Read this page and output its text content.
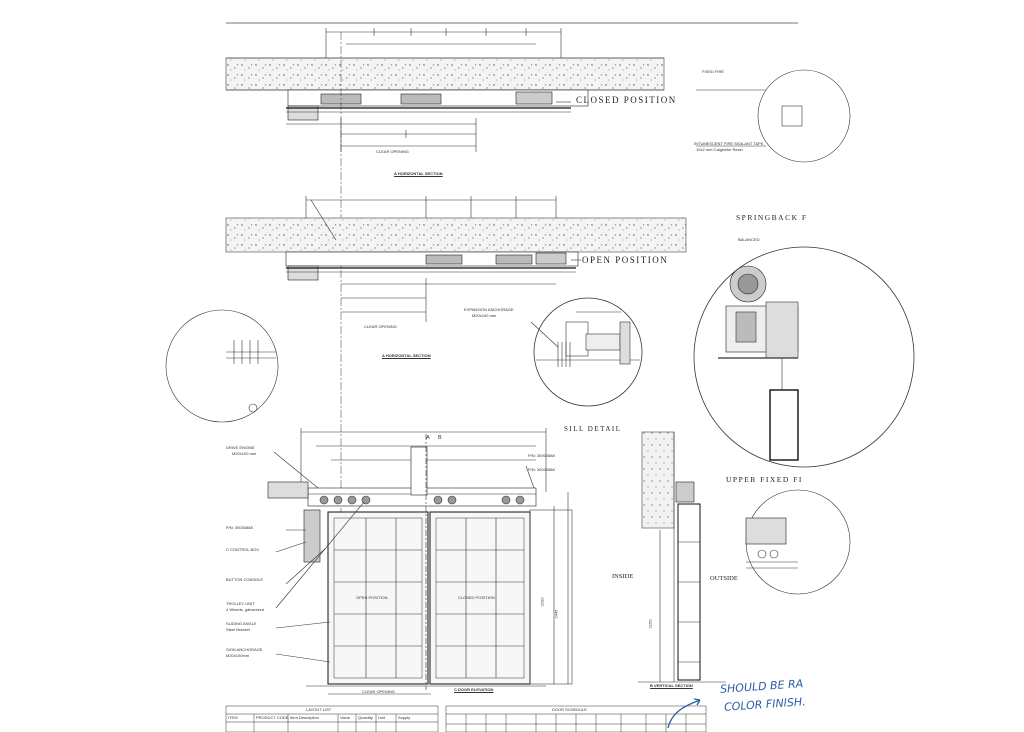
CLOSED POSITION
CLEAR OPENING
A HORIZONTAL SECTION
OPEN POSITION
CLEAR OPENING
A HORIZONTAL SECTION
EXPANSION ANCHORAGE
M20x100 mm
SILL DETAIL
FIXED FIRE
INTUMESCENT FIRE SEALANT TAPE
10x2 mm Calgenike Resin
SPRINGBACK F
BALANCED
UPPER FIXED FI
DRIVE ENGINE
M20x100 mm
P/N: 30000888
C CONTROL BOX
BUTTON CONSOLE
TROLLEY UNIT
4 Wheels, galvanized
SLIDING ANGLE
Steel Bracket
SION ANCHORAGE
M20x100mm
P/N: 30000888
P/N: 30000888
A B
OPEN POSITION	CLOSED POSITION
2290
2445
2150
INSIDE	OUTSIDE
CLEAR OPENING	C DOOR ELEVATION
B VERTICAL SECTION
LAYOUT LIST
ITEM	PRODUCT CODE Item Description	Value Quantity Unit	Supply
DOOR SCHEDULE
SHOULD BE RA
COLOR FINISH.
